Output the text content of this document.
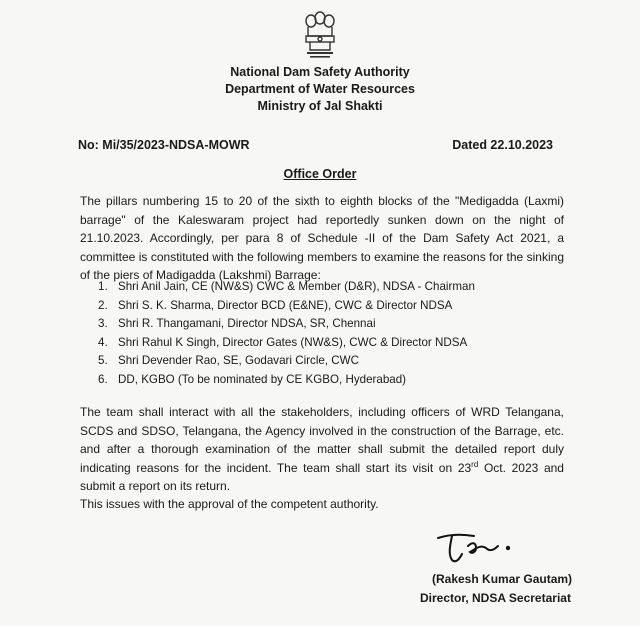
National Dam Safety Authority
Department of Water Resources
Ministry of Jal Shakti
No: Mi/35/2023-NDSA-MOWR	Dated 22.10.2023
Office Order
The pillars numbering 15 to 20 of the sixth to eighth blocks of the "Medigadda (Laxmi) barrage" of the Kaleswaram project had reportedly sunken down on the night of 21.10.2023. Accordingly, per para 8 of Schedule -II of the Dam Safety Act 2021, a committee is constituted with the following members to examine the reasons for the sinking of the piers of Madigadda (Lakshmi) Barrage:
1. Shri Anil Jain, CE (NW&S) CWC & Member (D&R), NDSA - Chairman
2. Shri S. K. Sharma, Director BCD (E&NE), CWC & Director NDSA
3. Shri R. Thangamani, Director NDSA, SR, Chennai
4. Shri Rahul K Singh, Director Gates (NW&S), CWC & Director NDSA
5. Shri Devender Rao, SE, Godavari Circle, CWC
6. DD, KGBO (To be nominated by CE KGBO, Hyderabad)
The team shall interact with all the stakeholders, including officers of WRD Telangana, SCDS and SDSO, Telangana, the Agency involved in the construction of the Barrage, etc. and after a thorough examination of the matter shall submit the detailed report duly indicating reasons for the incident. The team shall start its visit on 23rd Oct. 2023 and submit a report on its return.
This issues with the approval of the competent authority.
(Rakesh Kumar Gautam)
Director, NDSA Secretariat
